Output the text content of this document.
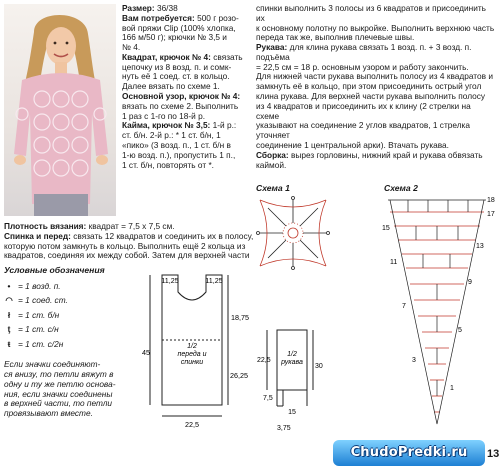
Размер: 36/38
Вам потребуется: 500 г розо-
вой пряжи Clip (100% хлопка,
166 м/50 г); крючки № 3,5 и
№ 4.
Квадрат, крючок № 4: связать
цепочку из 8 возд. п. и сомк-
нуть её 1 соед. ст. в кольцо.
Далее вязать по схеме 1.
Основной узор, крючок № 4:
вязать по схеме 2. Выполнить
1 раз с 1-го по 18-й р.
Кайма, крючок № 3,5: 1-й р.:
ст. б/н. 2-й р.: * 1 ст. б/н, 1
«пико» (3 возд. п., 1 ст. б/н в
1-ю возд. п.), пропустить 1 п.,
1 ст. б/н, повторять от *.
спинки выполнить 3 полосы из 6 квадратов и присоединить их
к основному полотну по выкройке. Выполнить верхнюю часть
переда так же, выполнив плечевые швы.
Рукава: для клина рукава связать 1 возд. п. + 3 возд. п. подъёма
= 22,5 см = 18 р. основным узором и работу закончить.
Для нижней части рукава выполнить полосу из 4 квадратов и
замкнуть её в кольцо, при этом присоединить острый угол
клина рукава. Для верхней части рукава выполнить полосу
из 4 квадратов и присоединить их к клину (2 стрелки на схеме
указывают на соединение 2 углов квадратов, 1 стрелка уточняет
соединение 1 центральной арки). Втачать рукава.
Сборка: вырез горловины, нижний край и рукава обвязать
каймой.
Плотность вязания: квадрат = 7,5 х 7,5 см.
Спинка и перед: связать 12 квадратов и соединить их в полосу,
которую потом замкнуть в кольцо. Выполнить ещё 2 кольца из
квадратов, соединяя их между собой. Затем для верхней части
Условные обозначения
• = 1 возд. п.
◠ = 1 соед. ст.
ł = 1 ст. б/н
ţ = 1 ст. с/н
ŧ = 1 ст. с/2н
Если значки соединяют-
ся внизу, то петли вяжут в
одну и ту же петлю основа-
ния, если значки соединены
в верхней части, то петли
провязывают вместе.
11,25	11,25
18,75
45
26,25
22,5
1/2 переда и спинки	22,5
30
7,5
15
3,75
1/2 рукава
Схема 1	Схема 2
17
15
13
11
9
7
5
3
1
18
ChudoPredki.ru 13
